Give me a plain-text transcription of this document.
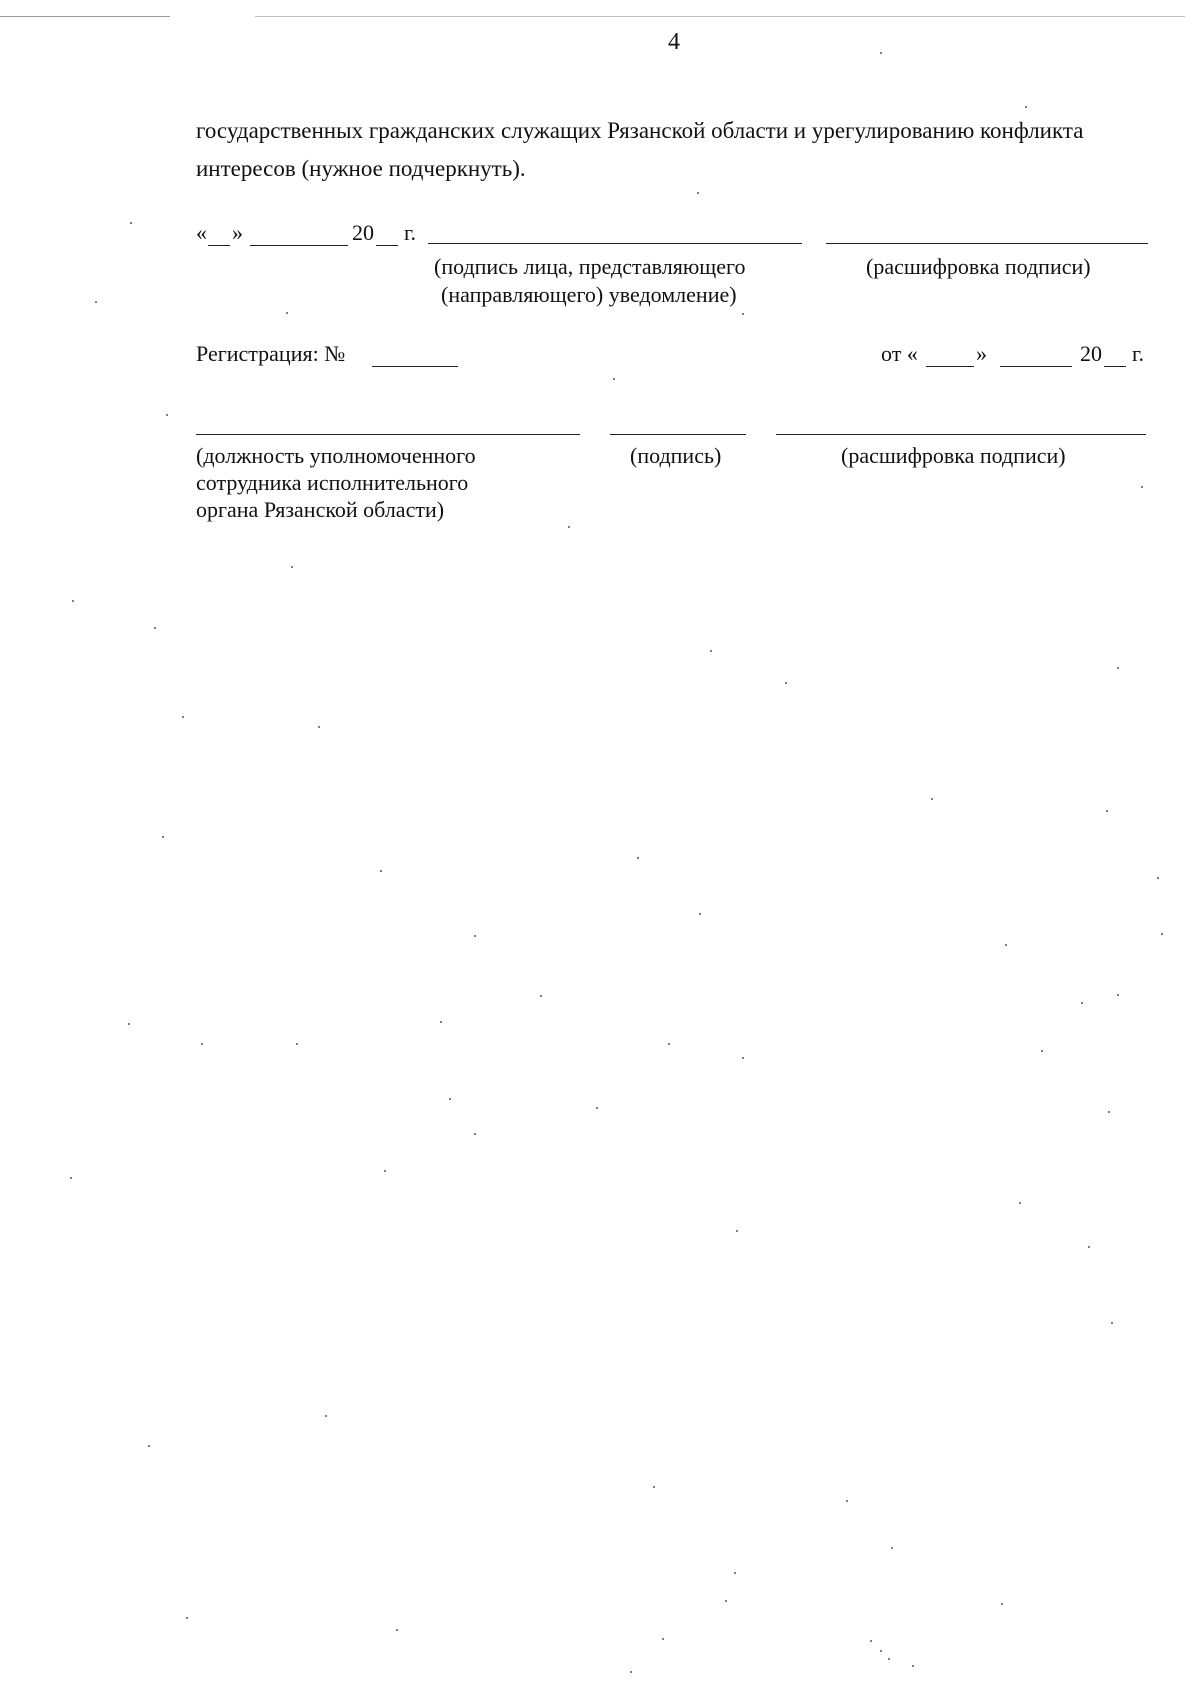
4
государственных гражданских служащих Рязанской области и урегулированию конфликта
интересов (нужное подчеркнуть).
« »	20 г.
(подпись лица, представляющего
(направляющего) уведомление)
(расшифровка подписи)
Регистрация: №	от «	»	20 г.
(должность уполномоченного
сотрудника исполнительного
органа Рязанской области)
(подпись)	(расшифровка подписи)
